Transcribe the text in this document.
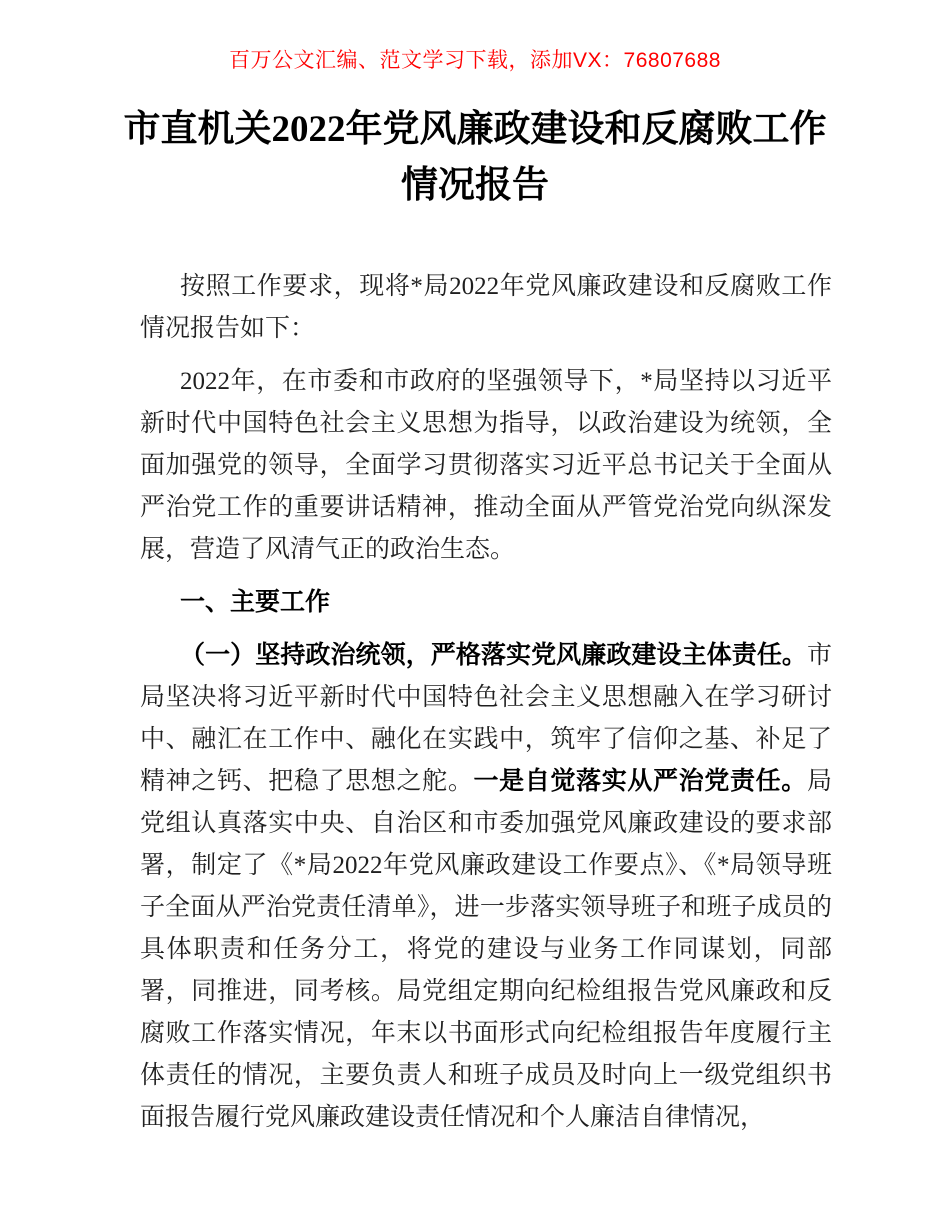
百万公文汇编、范文学习下载，添加VX：76807688
市直机关2022年党风廉政建设和反腐败工作情况报告

按照工作要求，现将*局2022年党风廉政建设和反腐败工作情况报告如下：

2022年，在市委和市政府的坚强领导下，*局坚持以习近平新时代中国特色社会主义思想为指导，以政治建设为统领，全面加强党的领导，全面学习贯彻落实习近平总书记关于全面从严治党工作的重要讲话精神，推动全面从严管党治党向纵深发展，营造了风清气正的政治生态。

一、主要工作

（一）坚持政治统领，严格落实党风廉政建设主体责任。市局坚决将习近平新时代中国特色社会主义思想融入在学习研讨中、融汇在工作中、融化在实践中，筑牢了信仰之基、补足了精神之钙、把稳了思想之舵。一是自觉落实从严治党责任。局党组认真落实中央、自治区和市委加强党风廉政建设的要求部署，制定了《*局2022年党风廉政建设工作要点》、《*局领导班子全面从严治党责任清单》，进一步落实领导班子和班子成员的具体职责和任务分工，将党的建设与业务工作同谋划，同部署，同推进，同考核。局党组定期向纪检组报告党风廉政和反腐败工作落实情况，年末以书面形式向纪检组报告年度履行主体责任的情况，主要负责人和班子成员及时向上一级党组织书面报告履行党风廉政建设责任情况和个人廉洁自律情况，
